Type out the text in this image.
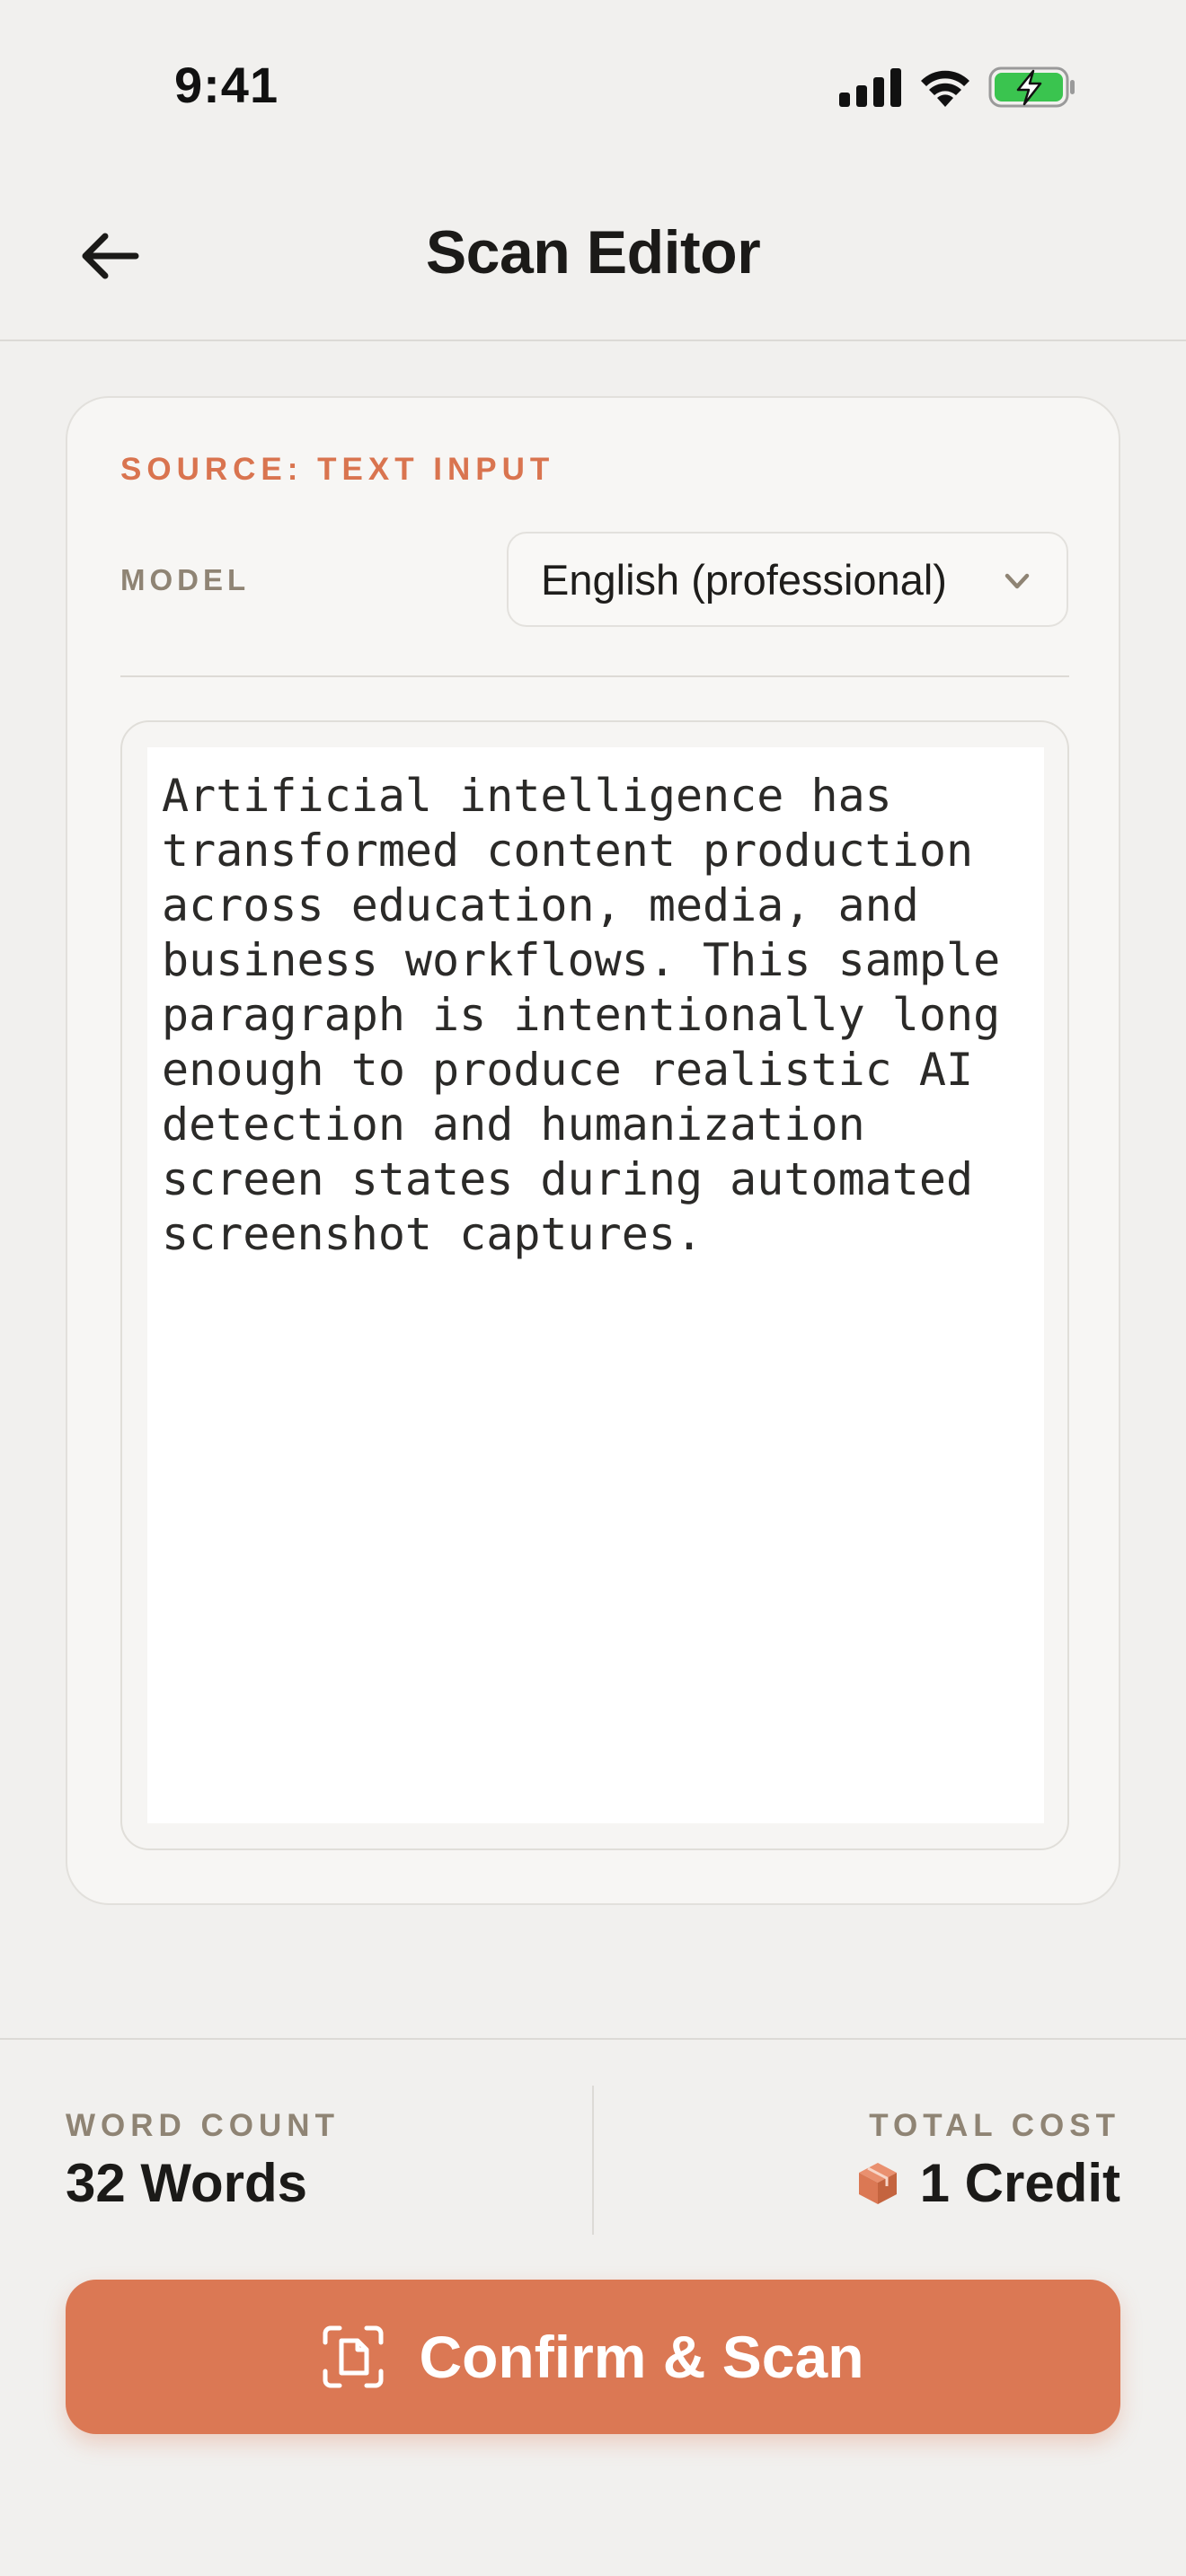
9:41
Scan Editor
SOURCE: TEXT INPUT
MODEL	English (professional)
Artificial intelligence has transformed content production across education, media, and business workflows. This sample paragraph is intentionally long enough to produce realistic AI detection and humanization screen states during automated screenshot captures.
WORD COUNT
32 Words
TOTAL COST
1 Credit
Confirm & Scan
